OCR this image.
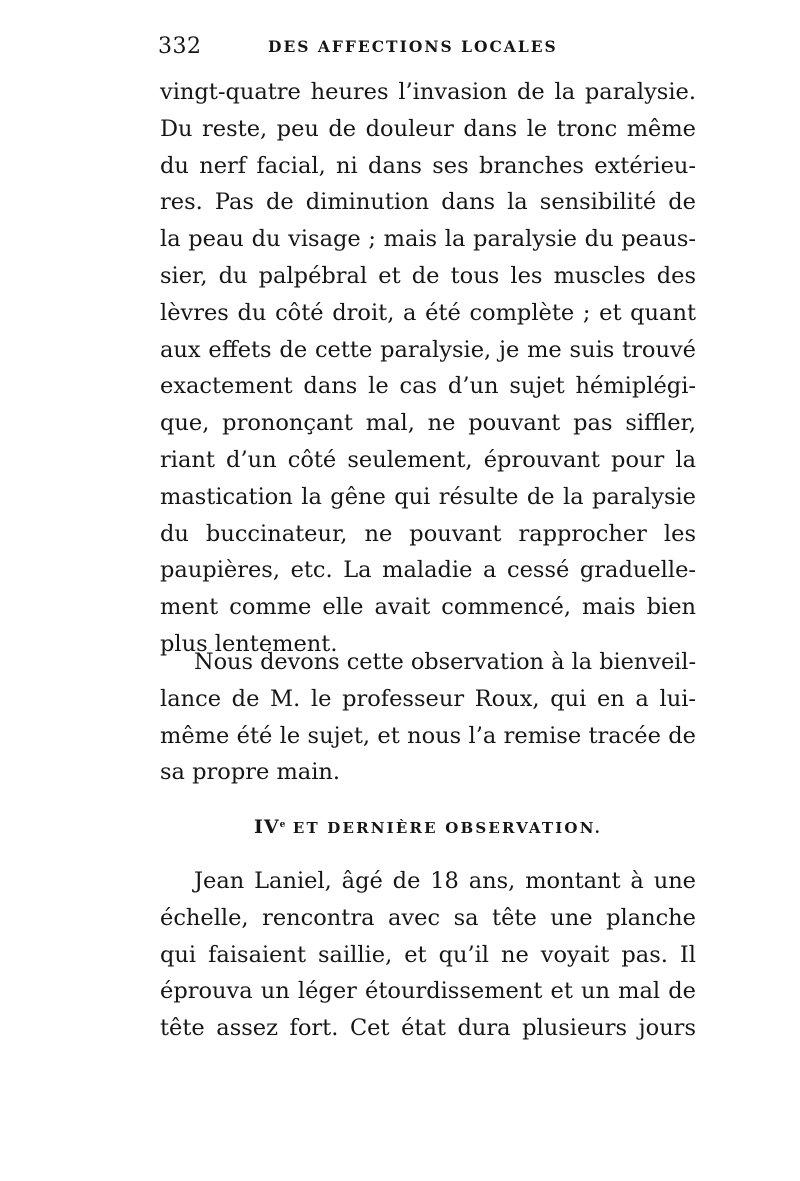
332	DES AFFECTIONS LOCALES
vingt-quatre heures l’invasion de la paralysie.
Du reste, peu de douleur dans le tronc même
du nerf facial, ni dans ses branches extérieu-
res. Pas de diminution dans la sensibilité de
la peau du visage ; mais la paralysie du peaus-
sier, du palpébral et de tous les muscles des
lèvres du côté droit, a été complète ; et quant
aux effets de cette paralysie, je me suis trouvé
exactement dans le cas d’un sujet hémiplégi-
que, prononçant mal, ne pouvant pas siffler,
riant d’un côté seulement, éprouvant pour la
mastication la gêne qui résulte de la paralysie
du buccinateur, ne pouvant rapprocher les
paupières, etc. La maladie a cessé graduelle-
ment comme elle avait commencé, mais bien
plus lentement.
Nous devons cette observation à la bienveil-
lance de M. le professeur Roux, qui en a lui-
même été le sujet, et nous l’a remise tracée de
sa propre main.
IVe ET DERNIÈRE OBSERVATION.
Jean Laniel, âgé de 18 ans, montant à une
échelle, rencontra avec sa tête une planche
qui faisaient saillie, et qu’il ne voyait pas. Il
éprouva un léger étourdissement et un mal de
tête assez fort. Cet état dura plusieurs jours
